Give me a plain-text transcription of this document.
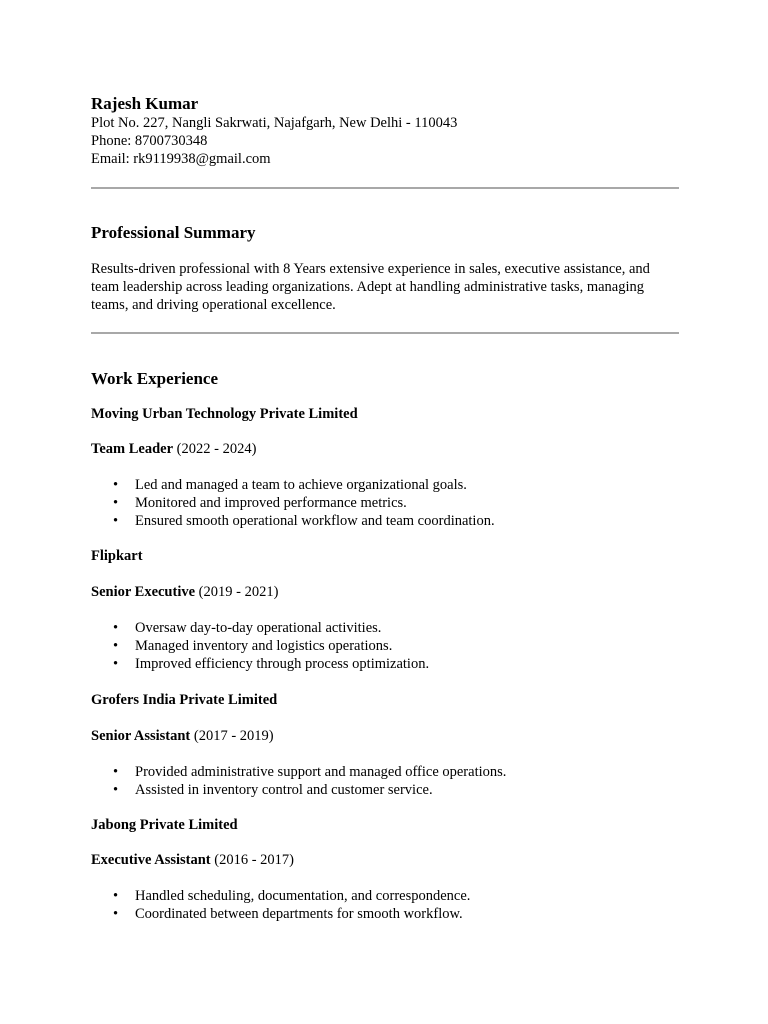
Rajesh Kumar

Plot No. 227, Nangli Sakrwati, Najafgarh, New Delhi - 110043

Phone: 8700730348

Email: rk9119938@gmail.com

Professional Summary

Results-driven professional with 8 Years extensive experience in sales, executive assistance, and team leadership across leading organizations. Adept at handling administrative tasks, managing teams, and driving operational excellence.

Work Experience

Moving Urban Technology Private Limited

Team Leader (2022 - 2024)

• Led and managed a team to achieve organizational goals.
• Monitored and improved performance metrics.
• Ensured smooth operational workflow and team coordination.

Flipkart

Senior Executive (2019 - 2021)

• Oversaw day-to-day operational activities.
• Managed inventory and logistics operations.
• Improved efficiency through process optimization.

Grofers India Private Limited

Senior Assistant (2017 - 2019)

• Provided administrative support and managed office operations.
• Assisted in inventory control and customer service.

Jabong Private Limited

Executive Assistant (2016 - 2017)

• Handled scheduling, documentation, and correspondence.
• Coordinated between departments for smooth workflow.
